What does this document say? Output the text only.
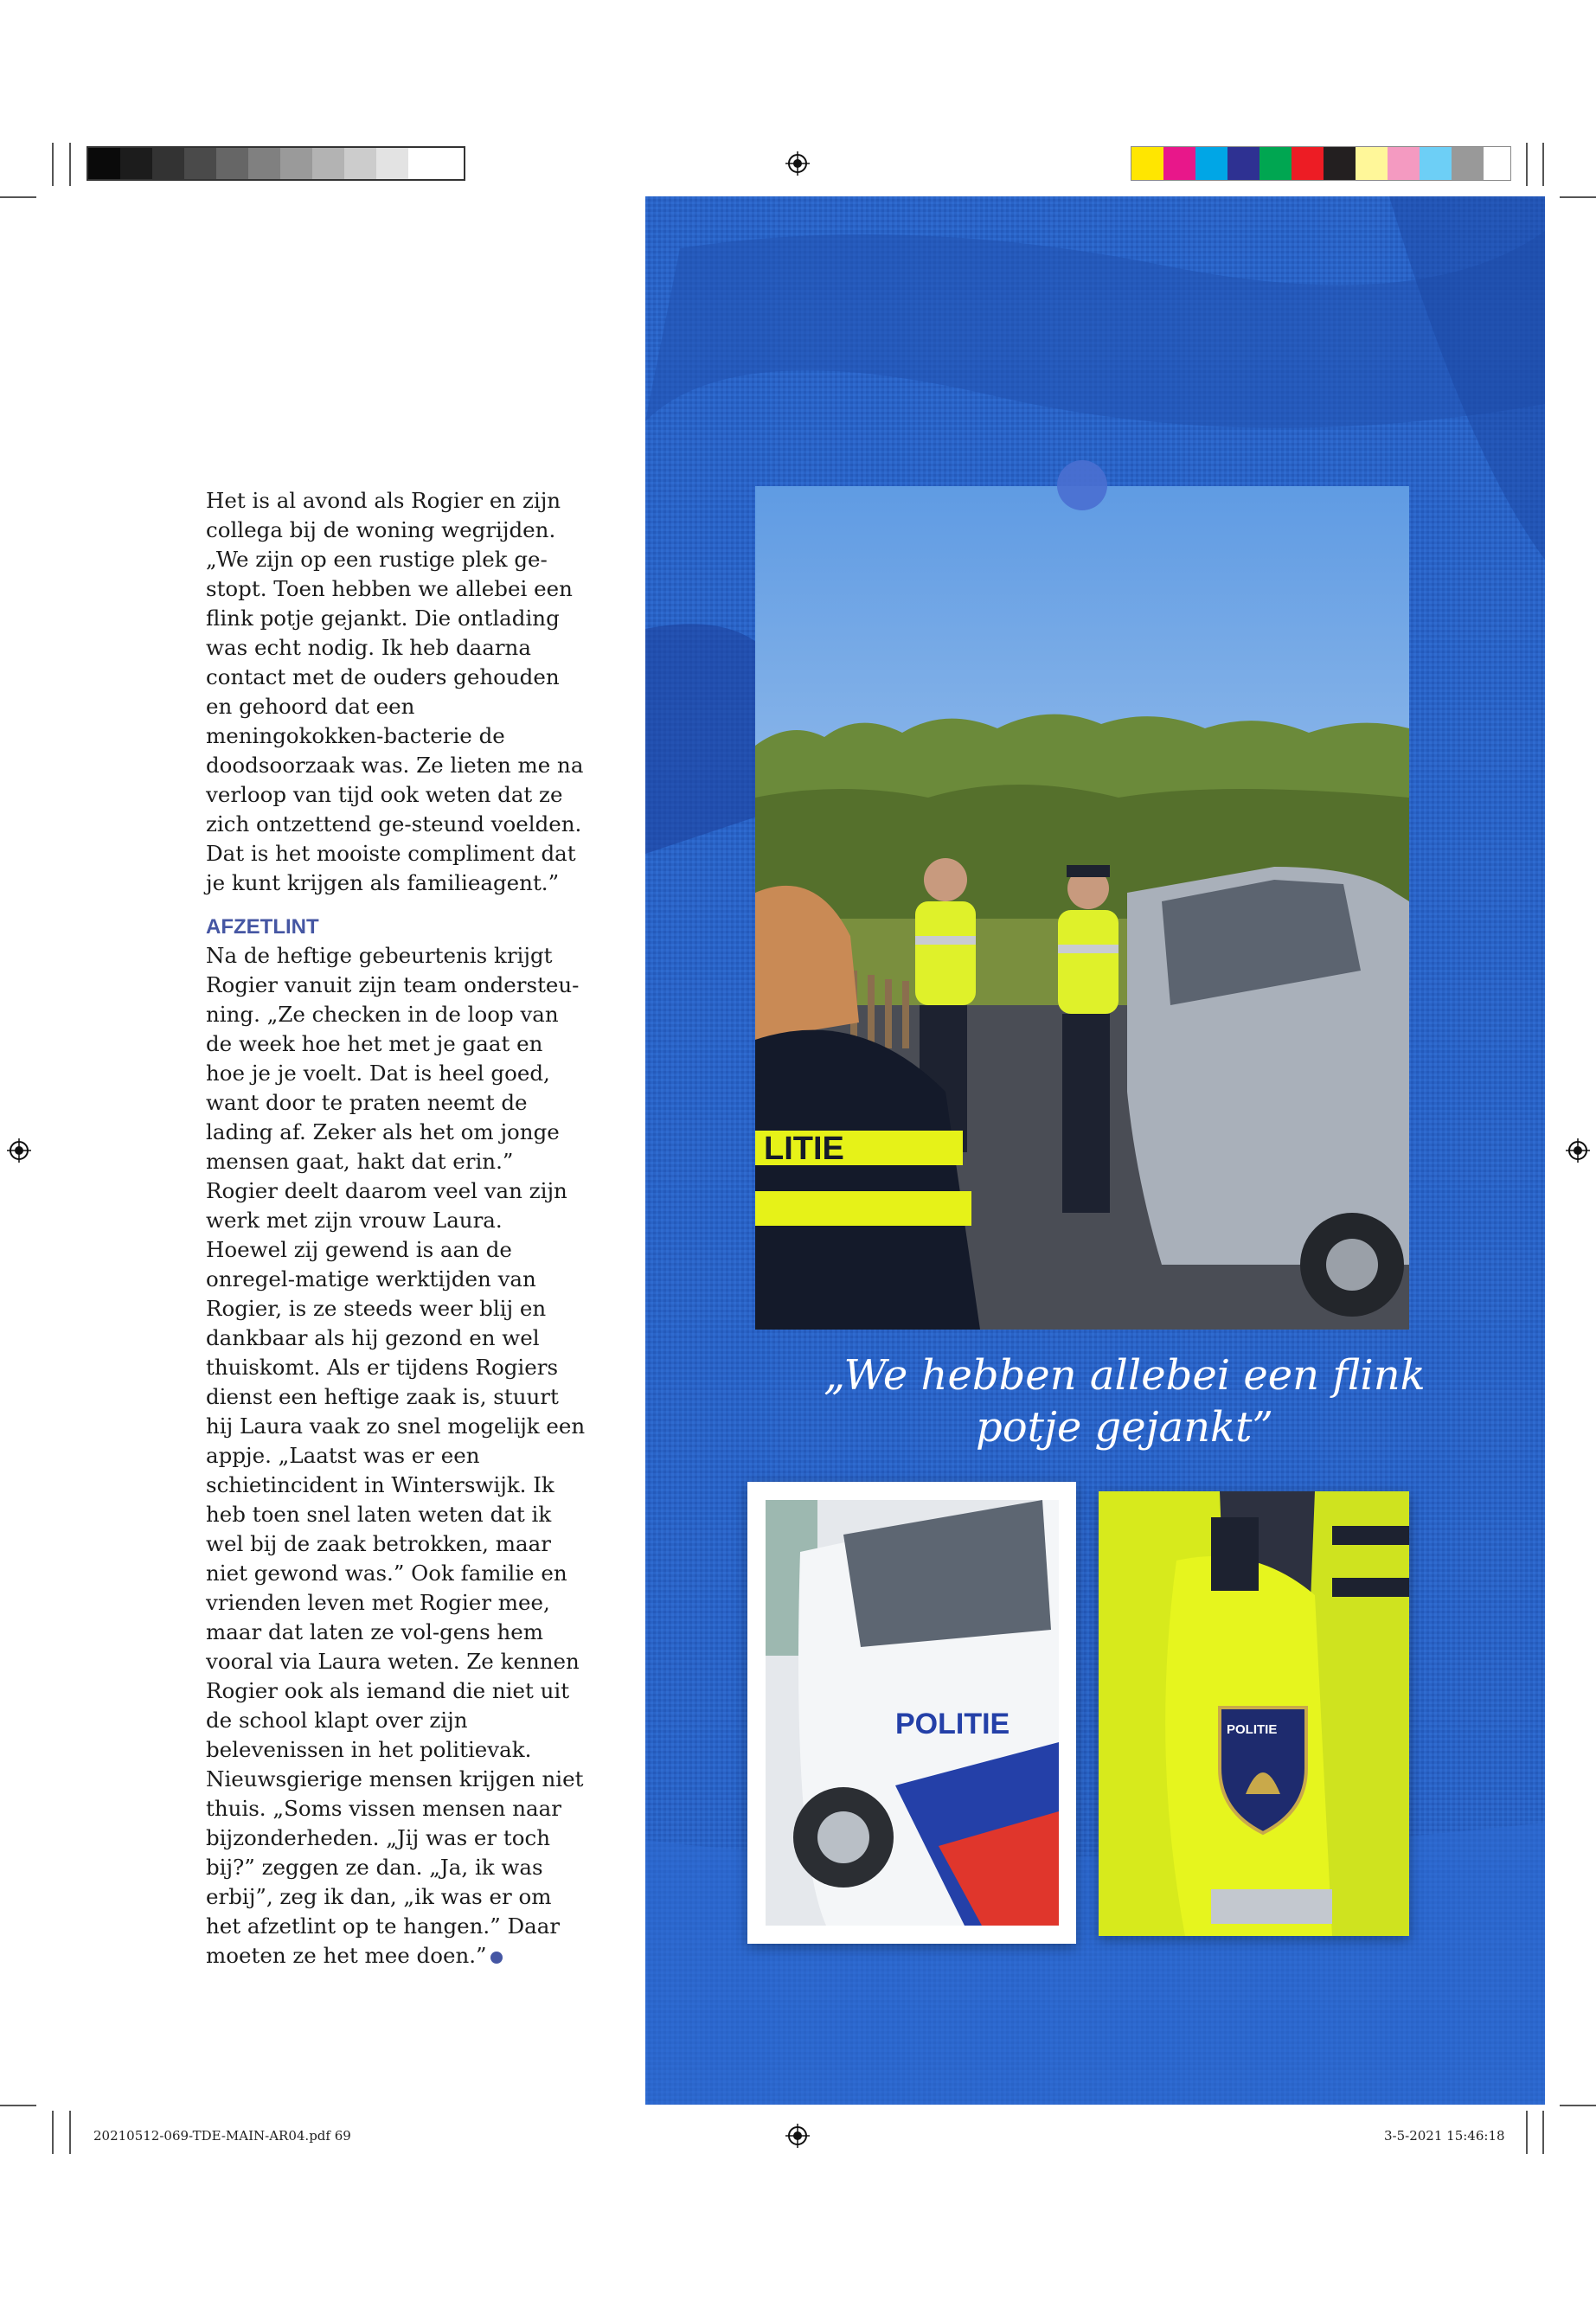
Het is al avond als Rogier en zijn collega bij de woning wegrijden. „We zijn op een rustige plek ge-stopt. Toen hebben we allebei een flink potje gejankt. Die ontlading was echt nodig. Ik heb daarna contact met de ouders gehouden en gehoord dat een meningokokken-bacterie de doodsoorzaak was. Ze lieten me na verloop van tijd ook weten dat ze zich ontzettend ge-steund voelden. Dat is het mooiste compliment dat je kunt krijgen als familieagent.”

AFZETLINT

Na de heftige gebeurtenis krijgt Rogier vanuit zijn team ondersteu-ning. „Ze checken in de loop van de week hoe het met je gaat en hoe je je voelt. Dat is heel goed, want door te praten neemt de lading af. Zeker als het om jonge mensen gaat, hakt dat erin.”

Rogier deelt daarom veel van zijn werk met zijn vrouw Laura. Hoewel zij gewend is aan de onregel-matige werktijden van Rogier, is ze steeds weer blij en dankbaar als hij gezond en wel thuiskomt. Als er tijdens Rogiers dienst een heftige zaak is, stuurt hij Laura vaak zo snel mogelijk een appje. „Laatst was er een schietincident in Winterswijk. Ik heb toen snel laten weten dat ik wel bij de zaak betrokken, maar niet gewond was.” Ook familie en vrienden leven met Rogier mee, maar dat laten ze vol-gens hem vooral via Laura weten. Ze kennen Rogier ook als iemand die niet uit de school klapt over zijn belevenissen in het politievak. Nieuwsgierige mensen krijgen niet thuis. „Soms vissen mensen naar bijzonderheden. „Jij was er toch bij?” zeggen ze dan. „Ja, ik was erbij”, zeg ik dan, „ik was er om het afzetlint op te hangen.” Daar moeten ze het mee doen.”

LITIE
„We hebben allebei een flink
potje gejankt”
POLITIE	POLITIE
20210512-069-TDE-MAIN-AR04.pdf 69	3-5-2021 15:46:18
